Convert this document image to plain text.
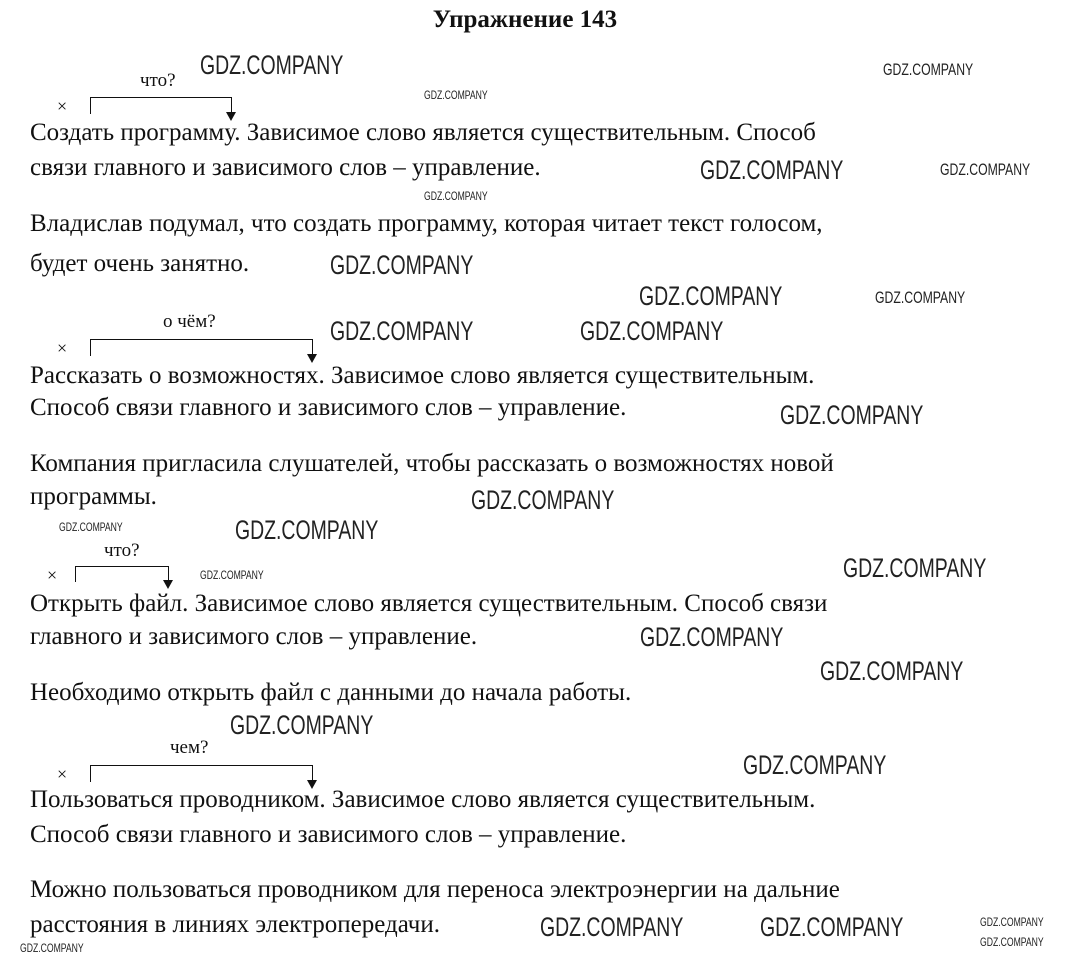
Упражнение 143
что?
×
Создать программу. Зависимое слово является существительным. Способ
связи главного и зависимого слов – управление.
Владислав подумал, что создать программу, которая читает текст голосом,
будет очень занятно.
о чём?
×
Рассказать о возможностях. Зависимое слово является существительным.
Способ связи главного и зависимого слов – управление.
Компания пригласила слушателей, чтобы рассказать о возможностях новой
программы.
что?
×
Открыть файл. Зависимое слово является существительным. Способ связи
главного и зависимого слов – управление.
Необходимо открыть файл с данными до начала работы.
чем?
×
Пользоваться проводником. Зависимое слово является существительным.
Способ связи главного и зависимого слов – управление.
Можно пользоваться проводником для переноса электроэнергии на дальние
расстояния в линиях электропередачи.
GDZ.COMPANY	GDZ.COMPANY
GDZ.COMPANY
GDZ.COMPANY	GDZ.COMPANY
GDZ.COMPANY
GDZ.COMPANY
GDZ.COMPANY	GDZ.COMPANY
GDZ.COMPANY	GDZ.COMPANY
GDZ.COMPANY
GDZ.COMPANY
GDZ.COMPANY	GDZ.COMPANY
GDZ.COMPANY
GDZ.COMPANY
GDZ.COMPANY
GDZ.COMPANY
GDZ.COMPANY
GDZ.COMPANY
GDZ.COMPANY	GDZ.COMPANY
GDZ.COMPANY
GDZ.COMPANY
GDZ.COMPANY
